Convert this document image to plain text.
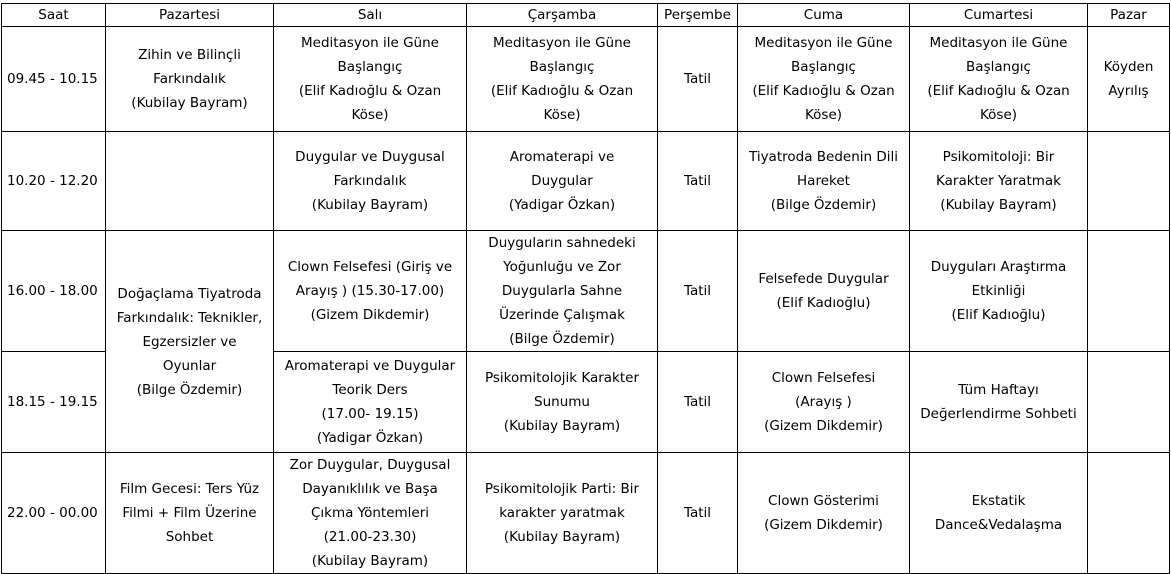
Saat	Pazartesi	Salı	Çarşamba	Perşembe	Cuma	Cumartesi	Pazar
09.45 - 10.15	Zihin ve Bilinçli
Farkındalık
(Kubilay Bayram)	Meditasyon ile Güne
Başlangıç
(Elif Kadıoğlu & Ozan
Köse)	Meditasyon ile Güne
Başlangıç
(Elif Kadıoğlu & Ozan
Köse)	Tatil	Meditasyon ile Güne
Başlangıç
(Elif Kadıoğlu & Ozan
Köse)	Meditasyon ile Güne
Başlangıç
(Elif Kadıoğlu & Ozan
Köse)	Köyden
Ayrılış

10.20 - 12.20		Duygular ve Duygusal
Farkındalık
(Kubilay Bayram)	Aromaterapi ve
Duygular
(Yadigar Özkan)	Tatil	Tiyatroda Bedenin Dili
Hareket
(Bilge Özdemir)	Psikomitoloji: Bir
Karakter Yaratmak
(Kubilay Bayram)	

16.00 - 18.00	Doğaçlama Tiyatroda
Farkındalık: Teknikler,
Egzersizler ve
Oyunlar
(Bilge Özdemir)	Clown Felsefesi (Giriş ve
Arayış ) (15.30-17.00)
(Gizem Dikdemir)	Duyguların sahnedeki
Yoğunluğu ve Zor
Duygularla Sahne
Üzerinde Çalışmak
(Bilge Özdemir)	Tatil	Felsefede Duygular
(Elif Kadıoğlu)	Duyguları Araştırma
Etkinliği
(Elif Kadıoğlu)	

18.15 - 19.15		Aromaterapi ve Duygular
Teorik Ders
(17.00- 19.15)
(Yadigar Özkan)	Psikomitolojik Karakter
Sunumu
(Kubilay Bayram)	Tatil	Clown Felsefesi
(Arayış )
(Gizem Dikdemir)	Tüm Haftayı
Değerlendirme Sohbeti	

22.00 - 00.00	Film Gecesi: Ters Yüz
Filmi + Film Üzerine
Sohbet	Zor Duygular, Duygusal
Dayanıklılık ve Başa
Çıkma Yöntemleri
(21.00-23.30)
(Kubilay Bayram)	Psikomitolojik Parti: Bir
karakter yaratmak
(Kubilay Bayram)	Tatil	Clown Gösterimi
(Gizem Dikdemir)	Ekstatik
Dance&Vedalaşma	
